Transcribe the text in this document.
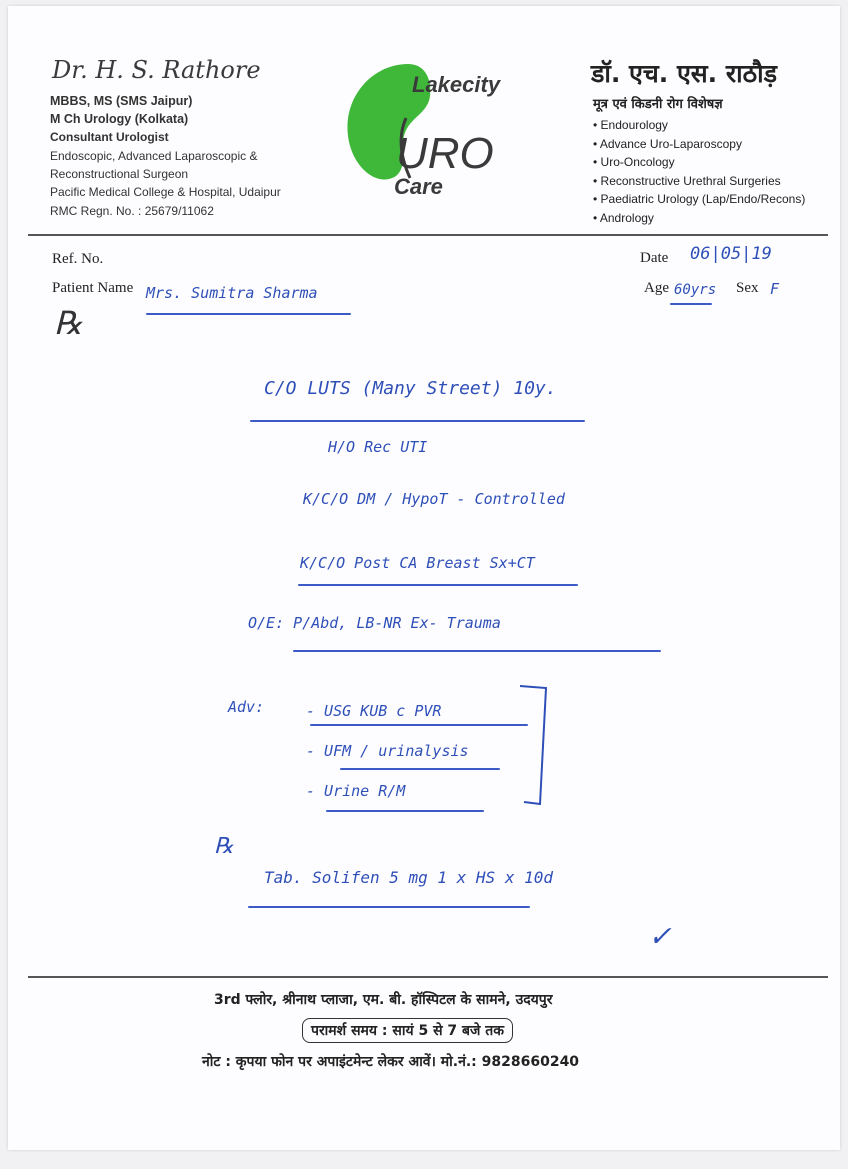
Dr. H. S. Rathore
MBBS, MS (SMS Jaipur)
M Ch Urology (Kolkata)
Consultant Urologist
Endoscopic, Advanced Laparoscopic &
Reconstructional Surgeon
Pacific Medical College & Hospital, Udaipur
RMC Regn. No. : 25679/11062
Lakecity
URO
Care
डॉ. एच. एस. राठौड़
मूत्र एवं किडनी रोग विशेषज्ञ
• Endourology
• Advance Uro-Laparoscopy
• Uro-Oncology
• Reconstructive Urethral Surgeries
• Paediatric Urology (Lap/Endo/Recons)
• Andrology
Ref. No.	Date 06|05|19
Patient Name Mrs. Sumitra Sharma	Age 60yrs Sex F
℞
C/O LUTS (Many Street) 10y.
H/O Rec UTI
K/C/O DM / HypoT - Controlled
K/C/O Post CA Breast Sx+CT
O/E: P/Abd, LB-NR Ex- Trauma
Adv:	- USG KUB c PVR
- UFM / urinalysis
- Urine R/M
℞
Tab. Solifen 5 mg 1 x HS x 10d
✓
3rd फ्लोर, श्रीनाथ प्लाजा, एम. बी. हॉस्पिटल के सामने, उदयपुर
परामर्श समय : सायं 5 से 7 बजे तक
नोट : कृपया फोन पर अपाइंटमेन्ट लेकर आवें। मो.नं.: 9828660240
